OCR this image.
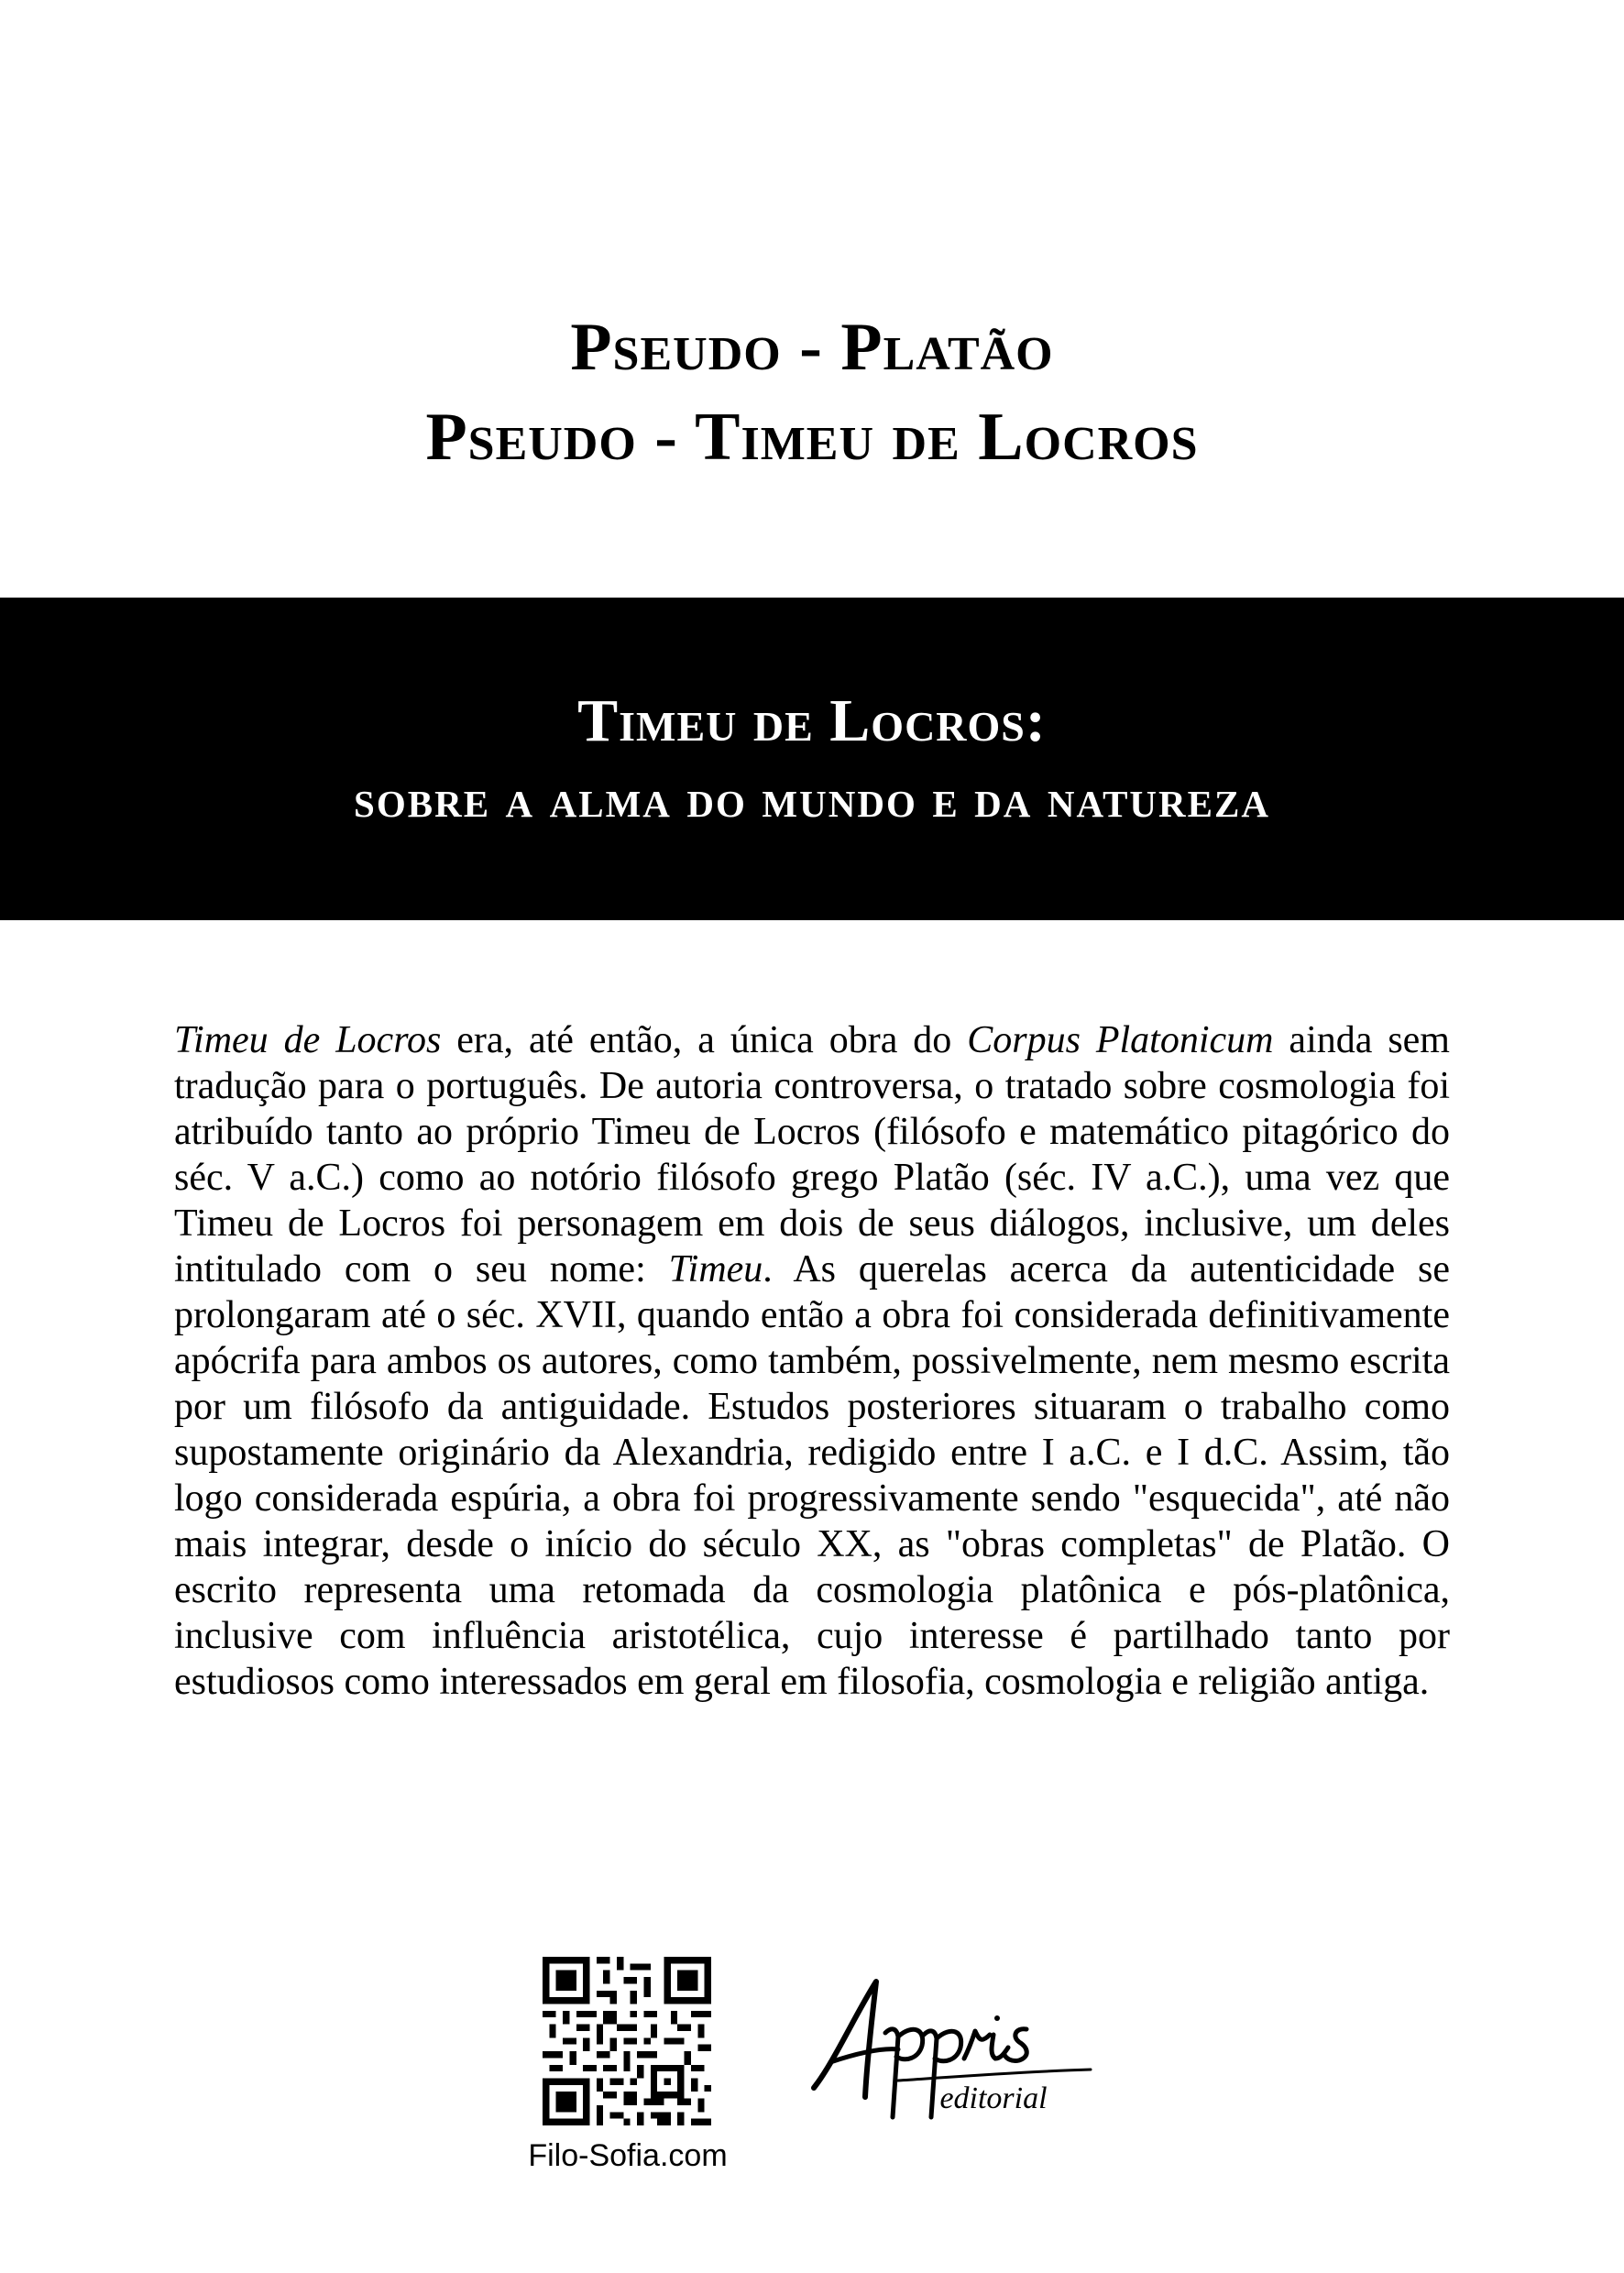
Pseudo - Platão
Pseudo - Timeu de Locros
Timeu de Locros:
sobre a alma do mundo e da natureza
Timeu de Locros era, até então, a única obra do Corpus Platonicum ainda sem tradução para o português. De autoria controversa, o tratado sobre cosmologia foi atribuído tanto ao próprio Timeu de Locros (filósofo e matemático pitagórico do séc. V a.C.) como ao notório filósofo grego Platão (séc. IV a.C.), uma vez que Timeu de Locros foi personagem em dois de seus diálogos, inclusive, um deles intitulado com o seu nome: Timeu. As querelas acerca da autenticidade se prolongaram até o séc. XVII, quando então a obra foi considerada definitivamente apócrifa para ambos os autores, como também, possivelmente, nem mesmo escrita por um filósofo da antiguidade. Estudos posteriores situaram o trabalho como supostamente originário da Alexandria, redigido entre I a.C. e I d.C. Assim, tão logo considerada espúria, a obra foi progressivamente sendo "esquecida", até não mais integrar, desde o início do século XX, as "obras completas" de Platão. O escrito representa uma retomada da cosmologia platônica e pós-platônica, inclusive com influência aristotélica, cujo interesse é partilhado tanto por estudiosos como interessados em geral em filosofia, cosmologia e religião antiga.
Filo-Sofia.com
editorial
